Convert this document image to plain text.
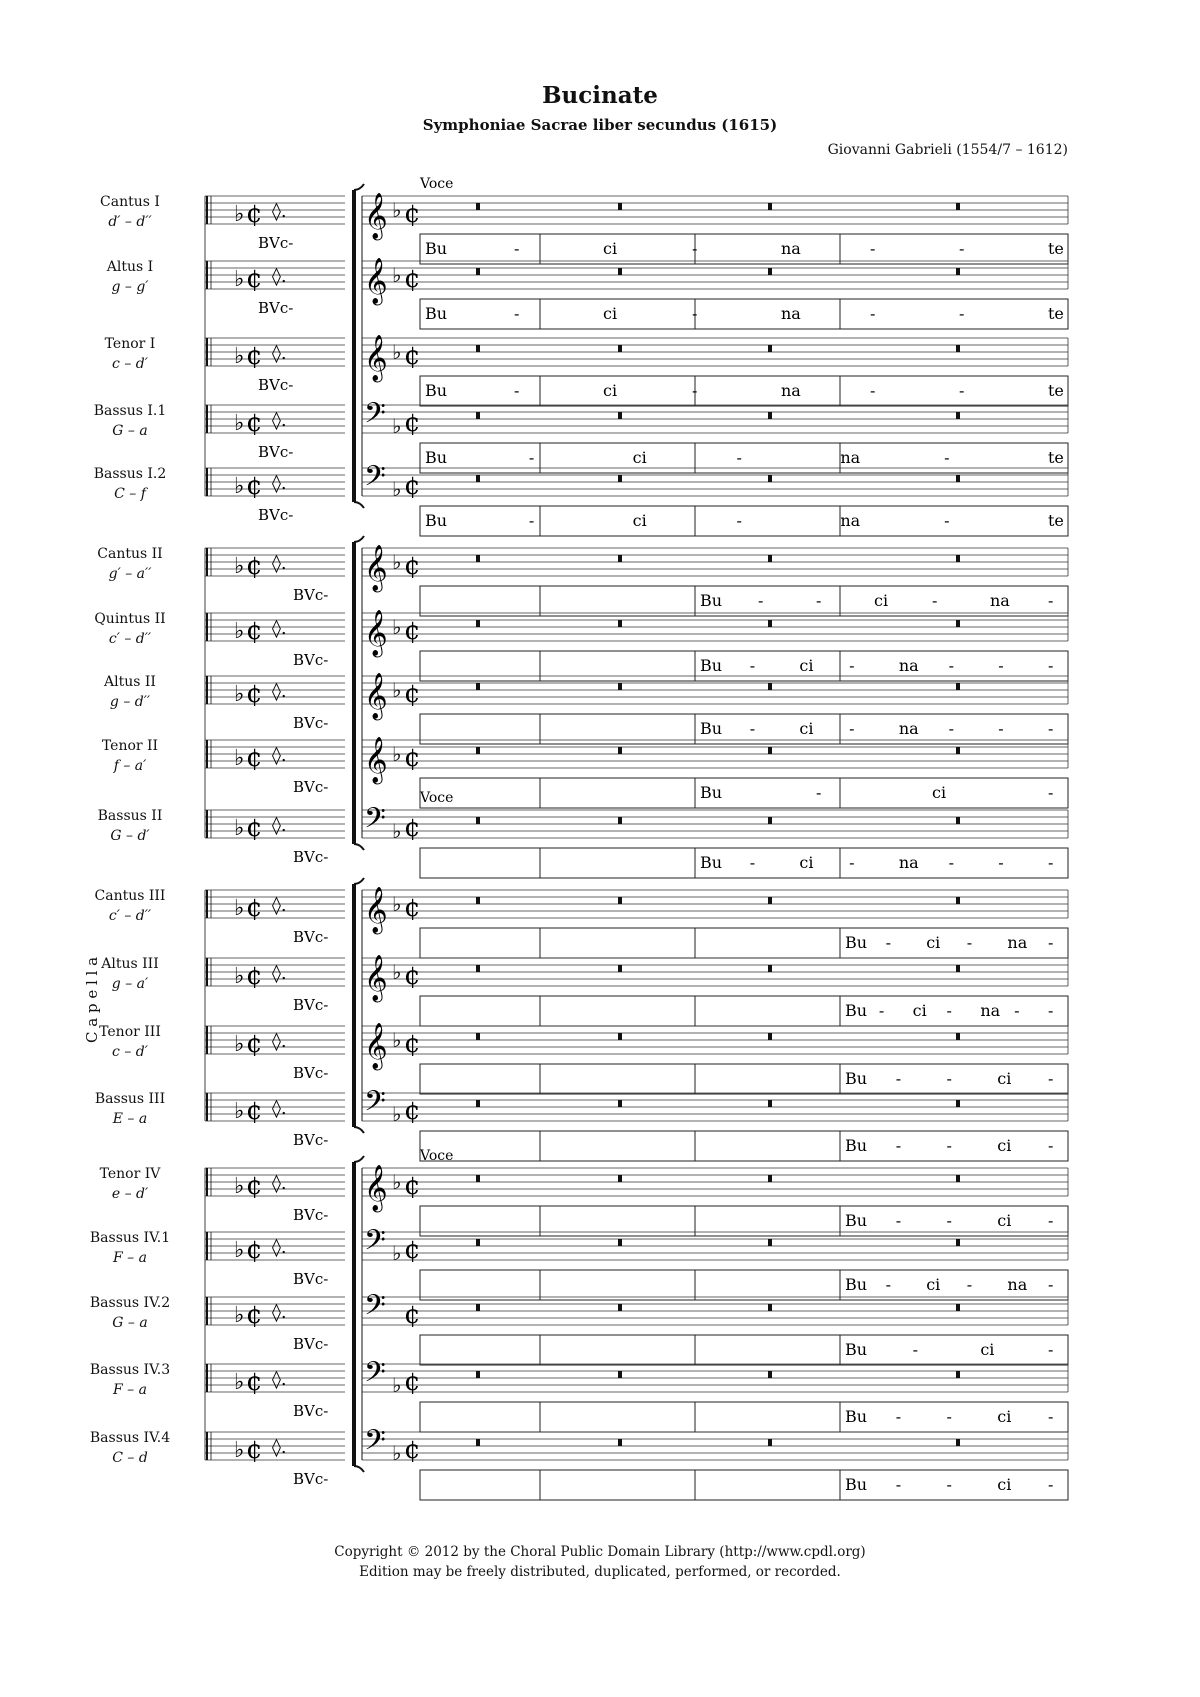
Bucinate
Symphoniae Sacrae liber secundus (1615)
Giovanni Gabrieli (1554/7 – 1612)
Cantus I
d′ – d′′
Altus I
g – g′
Tenor I
c – d′
Bassus I.1
G – a
Bassus I.2
C – f
Cantus II
g′ – a′′
Quintus II
c′ – d′′
Altus II
g – d′′
Tenor II
f – a′
Bassus II
G – d′
Cantus III
c′ – d′′
Altus III
g – a′
Tenor III
c – d′
Bassus III
E – a
Tenor IV
e – d′
Bassus IV.1
F – a
Bassus IV.2
G – a
Bassus IV.3
F – a
Bassus IV.4
C – d
C a p e l l a
♭ ¢ ◊.
BVc-
♭ ¢ ◊.
BVc-
♭ ¢ ◊.
BVc-
♭ ¢ ◊.
BVc-
♭ ¢ ◊.
BVc-
♭ ¢ ◊.
BVc-
♭ ¢ ◊.
BVc-
♭ ¢ ◊.
BVc-
♭ ¢ ◊.
BVc-
♭ ¢ ◊.
BVc-
♭ ¢ ◊.
BVc-
♭ ¢ ◊.
BVc-
♭ ¢ ◊.
BVc-
♭ ¢ ◊.
BVc-
♭ ¢ ◊.
BVc-
♭ ¢ ◊.
BVc-
♭ ¢ ◊.
BVc-
♭ ¢ ◊.
BVc-
♭ ¢ ◊.
BVc-
𝄞 ♭ ¢
Bu	-	ci	-	na	-	-	te
𝄞 ♭ ¢
Bu	-	ci	-	na	-	-	te
𝄞 ♭ ¢
Bu	-	ci	-	na	-	-	te
𝄢 ♭ ¢
Bu	-	ci	-	na	-	te
𝄢 ♭ ¢
Bu	-	ci	-	na	-	te
𝄞 ♭ ¢
Bu -	-	ci	-	na -
𝄞 ♭ ¢
Bu -	ci -	na -	-	-
𝄞 ♭ ¢
Bu -	ci -	na -	-	-
𝄞 ♭ ¢
Bu	-	ci	-
𝄢 ♭ ¢
Bu -	ci -	na -	-	-
𝄞 ♭ ¢
Bu - ci - na -
𝄞 ♭ ¢
Bu - ci - na - -
𝄞 ♭ ¢
Bu -	-	ci -
𝄢 ♭ ¢
Bu -	-	ci -
𝄞 ♭ ¢
Bu -	-	ci -
𝄢 ♭ ¢
Bu - ci - na -
𝄢 ¢
Bu	-	ci	-
𝄢 ♭ ¢
Bu -	-	ci -
𝄢 ♭ ¢
Bu -	-	ci -
Voce
Voce
Voce
Copyright © 2012 by the Choral Public Domain Library (http://www.cpdl.org)
Edition may be freely distributed, duplicated, performed, or recorded.
